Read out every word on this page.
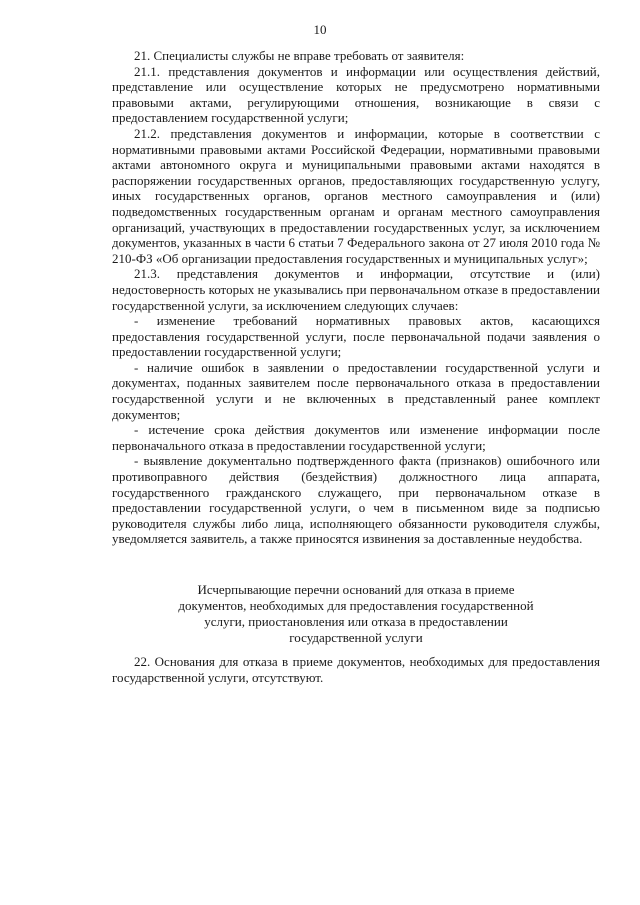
10

21. Специалисты службы не вправе требовать от заявителя:

21.1. представления документов и информации или осуществления действий, представление или осуществление которых не предусмотрено нормативными правовыми актами, регулирующими отношения, возникающие в связи с предоставлением государственной услуги;

21.2. представления документов и информации, которые в соответствии с нормативными правовыми актами Российской Федерации, нормативными правовыми актами автономного округа и муниципальными правовыми актами находятся в распоряжении государственных органов, предоставляющих государственную услугу, иных государственных органов, органов местного самоуправления и (или) подведомственных государственным органам и органам местного самоуправления организаций, участвующих в предоставлении государственных услуг, за исключением документов, указанных в части 6 статьи 7 Федерального закона от 27 июля 2010 года № 210-ФЗ «Об организации предоставления государственных и муниципальных услуг»;

21.3. представления документов и информации, отсутствие и (или) недостоверность которых не указывались при первоначальном отказе в предоставлении государственной услуги, за исключением следующих случаев:

- изменение требований нормативных правовых актов, касающихся предоставления государственной услуги, после первоначальной подачи заявления о предоставлении государственной услуги;

- наличие ошибок в заявлении о предоставлении государственной услуги и документах, поданных заявителем после первоначального отказа в предоставлении государственной услуги и не включенных в представленный ранее комплект документов;

- истечение срока действия документов или изменение информации после первоначального отказа в предоставлении государственной услуги;

- выявление документально подтвержденного факта (признаков) ошибочного или противоправного действия (бездействия) должностного лица аппарата, государственного гражданского служащего, при первоначальном отказе в предоставлении государственной услуги, о чем в письменном виде за подписью руководителя службы либо лица, исполняющего обязанности руководителя службы, уведомляется заявитель, а также приносятся извинения за доставленные неудобства.

Исчерпывающие перечни оснований для отказа в приеме
документов, необходимых для предоставления государственной
услуги, приостановления или отказа в предоставлении
государственной услуги

22. Основания для отказа в приеме документов, необходимых для предоставления государственной услуги, отсутствуют.
